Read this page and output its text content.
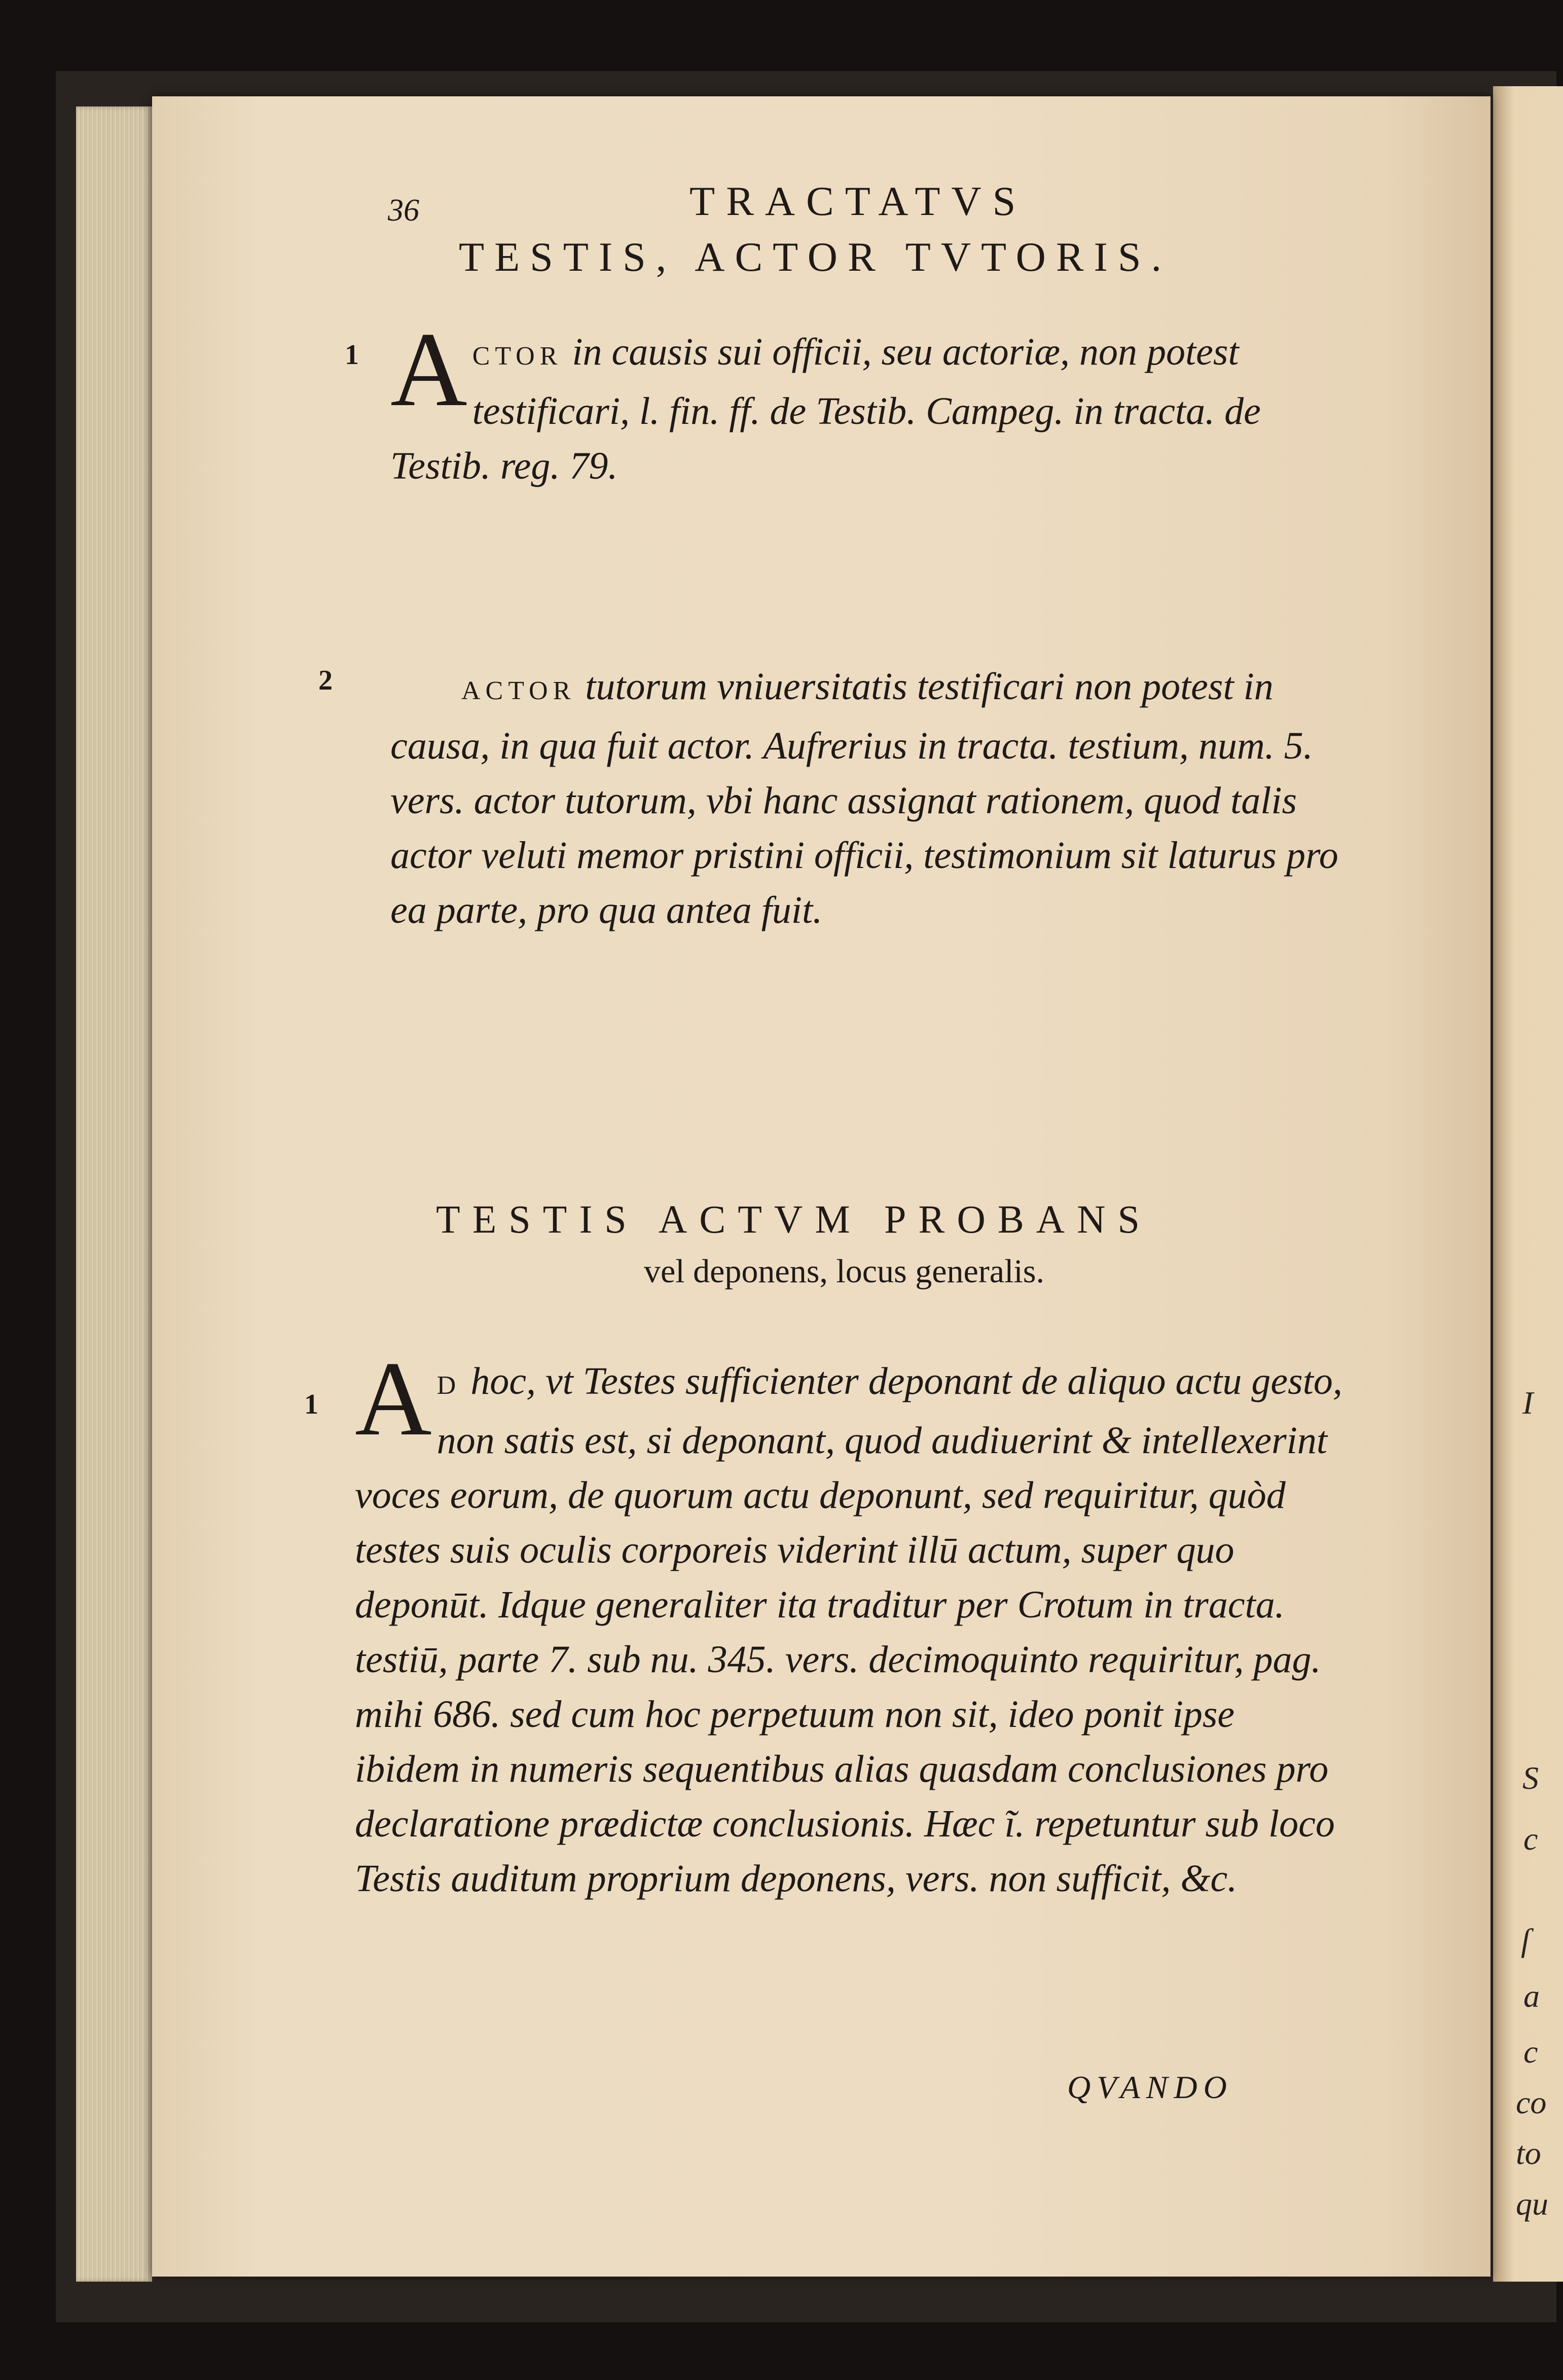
I
S
c
ſ
a
c
co
to
qu
36	TRACTATVS
TESTIS, ACTOR TVTORIS.
1 ACTOR in causis sui officii, seu actoriæ, non potest testificari, l. fin. ff. de Testib. Campeg. in tracta. de Testib. reg. 79.
2	ACTOR tutorum vniuersitatis testificari non potest in causa, in qua fuit actor. Aufrerius in tracta. testium, num. 5. vers. actor tutorum, vbi hanc assignat rationem, quod talis actor veluti memor pristini officii, testimonium sit laturus pro ea parte, pro qua antea fuit.
TESTIS ACTVM PROBANS
vel deponens, locus generalis.
1 A D hoc, vt Testes sufficienter deponant de aliquo actu gesto, non satis est, si deponant, quod audiuerint & intellexerint voces eorum, de quorum actu deponunt, sed requiritur, quòd testes suis oculis corporeis viderint illū actum, super quo deponūt. Idque generaliter ita traditur per Crotum in tracta. testiū, parte 7. sub nu. 345. vers. decimoquinto requiritur, pag. mihi 686. sed cum hoc perpetuum non sit, ideo ponit ipse ibidem in numeris sequentibus alias quasdam conclusiones pro declaratione prædictæ conclusionis. Hæc ĩ. repetuntur sub loco Testis auditum proprium deponens, vers. non sufficit, &c.
QVANDO
